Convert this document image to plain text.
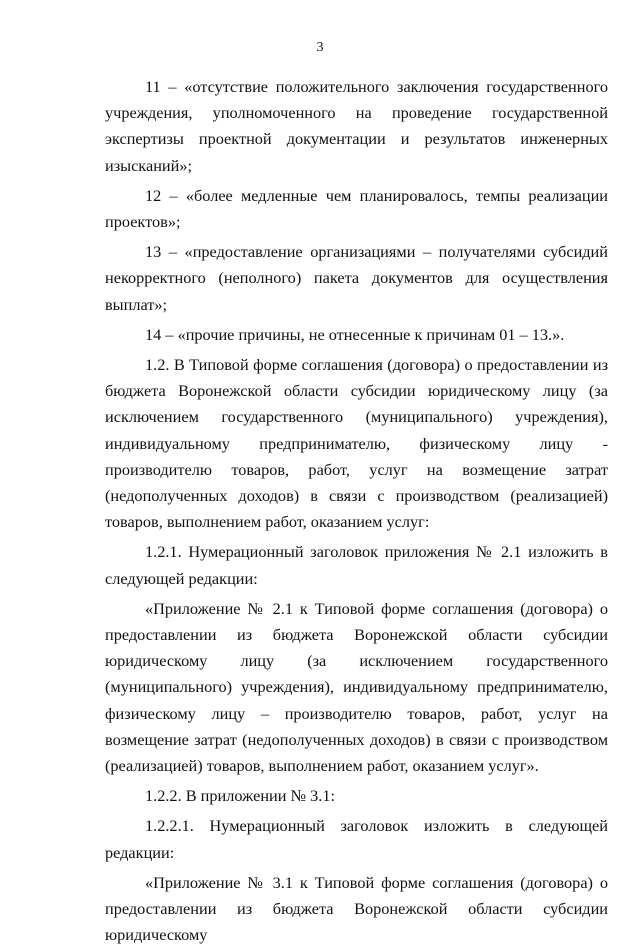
3

11 – «отсутствие положительного заключения государственного учреждения, уполномоченного на проведение государственной экспертизы проектной документации и результатов инженерных изысканий»;

12 – «более медленные чем планировалось, темпы реализации проектов»;

13 – «предоставление организациями – получателями субсидий некорректного (неполного) пакета документов для осуществления выплат»;

14 – «прочие причины, не отнесенные к причинам 01 – 13.».

1.2. В Типовой форме соглашения (договора) о предоставлении из бюджета Воронежской области субсидии юридическому лицу (за исключением государственного (муниципального) учреждения), индивидуальному предпринимателю, физическому лицу - производителю товаров, работ, услуг на возмещение затрат (недополученных доходов) в связи с производством (реализацией) товаров, выполнением работ, оказанием услуг:

1.2.1. Нумерационный заголовок приложения № 2.1 изложить в следующей редакции:

«Приложение № 2.1 к Типовой форме соглашения (договора) о предоставлении из бюджета Воронежской области субсидии юридическому лицу (за исключением государственного (муниципального) учреждения), индивидуальному предпринимателю, физическому лицу – производителю товаров, работ, услуг на возмещение затрат (недополученных доходов) в связи с производством (реализацией) товаров, выполнением работ, оказанием услуг».

1.2.2. В приложении № 3.1:

1.2.2.1. Нумерационный заголовок изложить в следующей редакции:

«Приложение № 3.1 к Типовой форме соглашения (договора) о предоставлении из бюджета Воронежской области субсидии юридическому
